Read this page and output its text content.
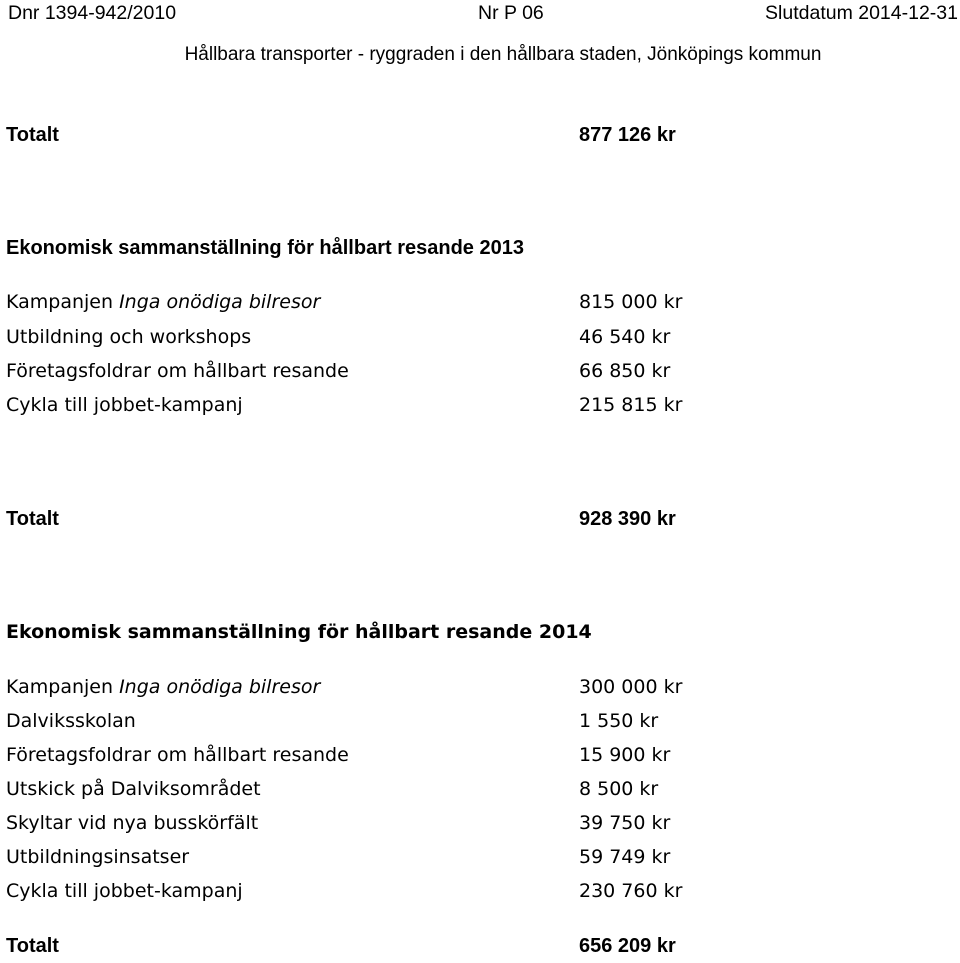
Dnr 1394-942/2010	Nr P 06	Slutdatum 2014-12-31
Hållbara transporter - ryggraden i den hållbara staden, Jönköpings kommun
Totalt	877 126 kr
Ekonomisk sammanställning för hållbart resande 2013
Kampanjen Inga onödiga bilresor	815 000 kr
Utbildning och workshops	46 540 kr
Företagsfoldrar om hållbart resande	66 850 kr
Cykla till jobbet-kampanj	215 815 kr
Totalt	928 390 kr
Ekonomisk sammanställning för hållbart resande 2014
Kampanjen Inga onödiga bilresor	300 000 kr
Dalviksskolan	1 550 kr
Företagsfoldrar om hållbart resande	15 900 kr
Utskick på Dalviksområdet	8 500 kr
Skyltar vid nya busskörfält	39 750 kr
Utbildningsinsatser	59 749 kr
Cykla till jobbet-kampanj	230 760 kr
Totalt	656 209 kr
